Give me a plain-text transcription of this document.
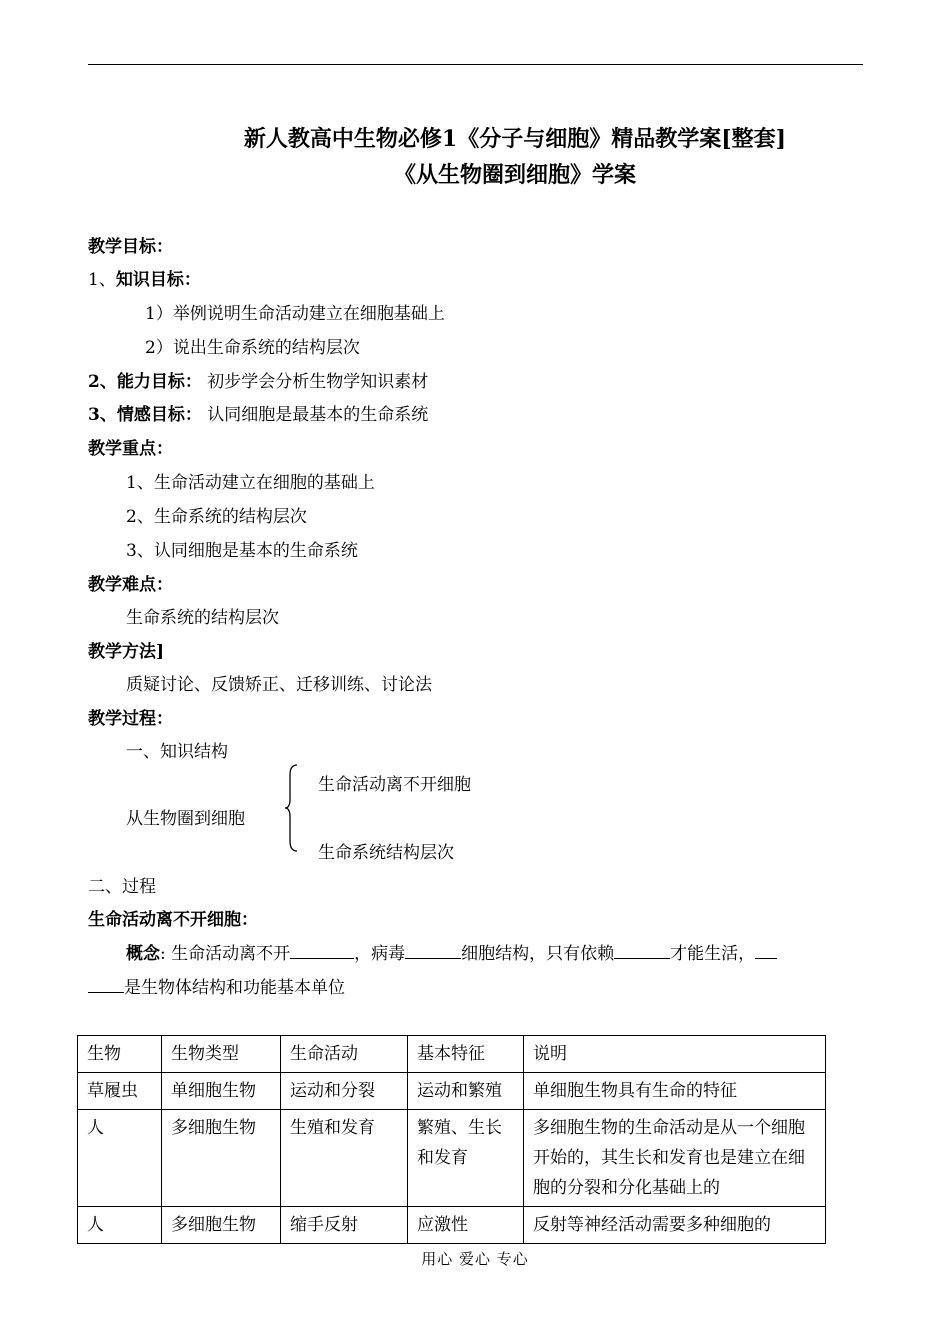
新人教高中生物必修1《分子与细胞》精品教学案[整套]
《从生物圈到细胞》学案
教学目标：
1、知识目标：
1）举例说明生命活动建立在细胞基础上
2）说出生命系统的结构层次
2、能力目标： 初步学会分析生物学知识素材
3、情感目标： 认同细胞是最基本的生命系统
教学重点：
1、生命活动建立在细胞的基础上
2、生命系统的结构层次
3、认同细胞是基本的生命系统
教学难点：
生命系统的结构层次
教学方法]
质疑讨论、反馈矫正、迁移训练、讨论法
教学过程：
一、知识结构
从生物圈到细胞
生命活动离不开细胞
生命系统结构层次
二、过程
生命活动离不开细胞：
概念: 生命活动离不开	，病毒	细胞结构，只有依赖	才能生活，
是生物体结构和功能基本单位
生物	生物类型	生命活动	基本特征	说明
草履虫	单细胞生物	运动和分裂	运动和繁殖	单细胞生物具有生命的特征
人	多细胞生物	生殖和发育	繁殖、生长和发育	多细胞生物的生命活动是从一个细胞开始的，其生长和发育也是建立在细胞的分裂和分化基础上的
人	多细胞生物	缩手反射	应激性	反射等神经活动需要多种细胞的
用心 爱心 专心
